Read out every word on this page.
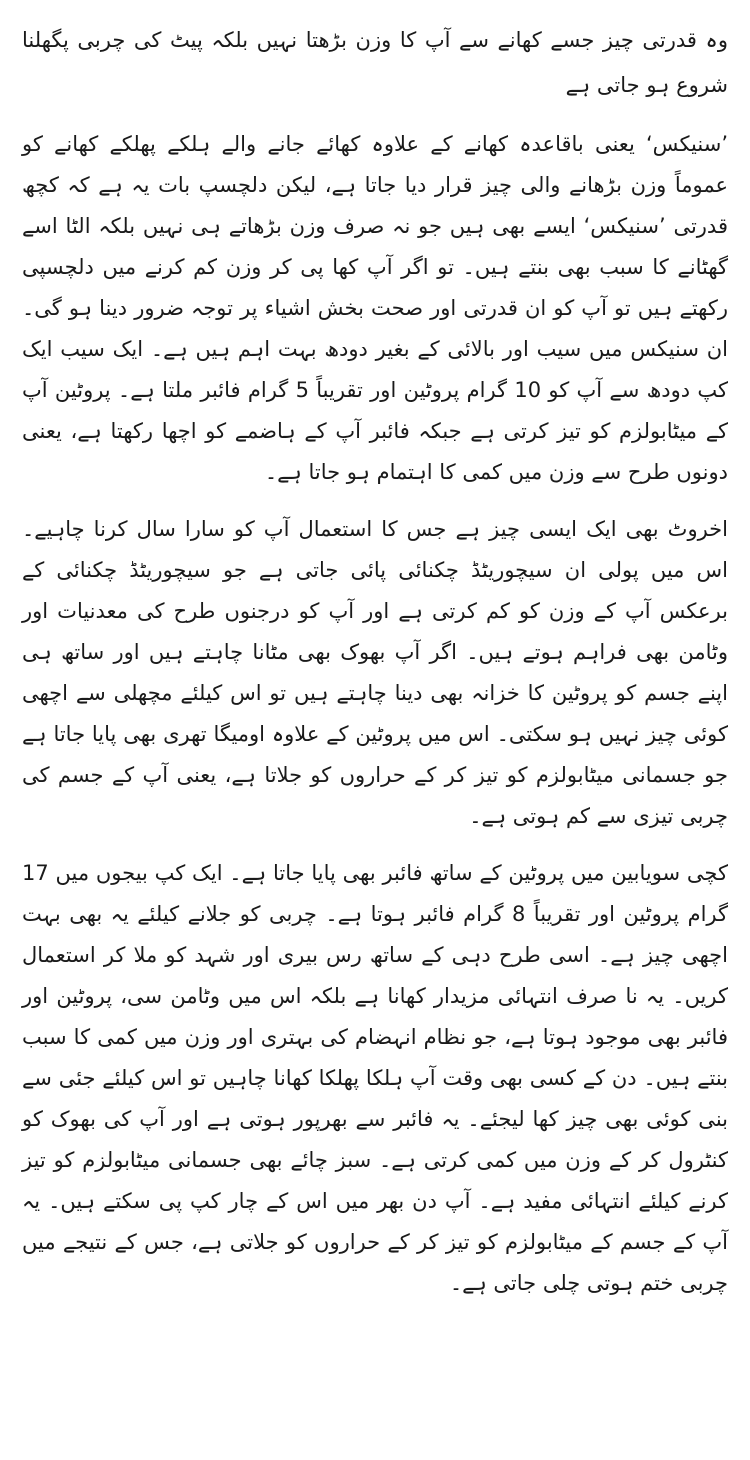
وہ قدرتی چیز جسے کھانے سے آپ کا وزن بڑھتا نہیں بلکہ پیٹ کی چربی پگھلنا شروع ہو جاتی ہے

’سنیکس‘ یعنی باقاعدہ کھانے کے علاوہ کھائے جانے والے ہلکے پھلکے کھانے کو عموماً وزن بڑھانے والی چیز قرار دیا جاتا ہے، لیکن دلچسپ بات یہ ہے کہ کچھ قدرتی ’سنیکس‘ ایسے بھی ہیں جو نہ صرف وزن بڑھاتے ہی نہیں بلکہ الٹا اسے گھٹانے کا سبب بھی بنتے ہیں۔ تو اگر آپ کھا پی کر وزن کم کرنے میں دلچسپی رکھتے ہیں تو آپ کو ان قدرتی اور صحت بخش اشیاء پر توجہ ضرور دینا ہو گی۔ ان سنیکس میں سیب اور بالائی کے بغیر دودھ بہت اہم ہیں ہے۔ ایک سیب ایک کپ دودھ سے آپ کو 10 گرام پروٹین اور تقریباً 5 گرام فائبر ملتا ہے۔ پروٹین آپ کے میٹابولزم کو تیز کرتی ہے جبکہ فائبر آپ کے ہاضمے کو اچھا رکھتا ہے، یعنی دونوں طرح سے وزن میں کمی کا اہتمام ہو جاتا ہے۔

اخروٹ بھی ایک ایسی چیز ہے جس کا استعمال آپ کو سارا سال کرنا چاہیے۔ اس میں پولی ان سیچوریٹڈ چکنائی پائی جاتی ہے جو سیچوریٹڈ چکنائی کے برعکس آپ کے وزن کو کم کرتی ہے اور آپ کو درجنوں طرح کی معدنیات اور وٹامن بھی فراہم ہوتے ہیں۔ اگر آپ بھوک بھی مٹانا چاہتے ہیں اور ساتھ ہی اپنے جسم کو پروٹین کا خزانہ بھی دینا چاہتے ہیں تو اس کیلئے مچھلی سے اچھی کوئی چیز نہیں ہو سکتی۔ اس میں پروٹین کے علاوہ اومیگا تھری بھی پایا جاتا ہے جو جسمانی میٹابولزم کو تیز کر کے حراروں کو جلاتا ہے، یعنی آپ کے جسم کی چربی تیزی سے کم ہوتی ہے۔

کچی سویابین میں پروٹین کے ساتھ فائبر بھی پایا جاتا ہے۔ ایک کپ بیجوں میں 17 گرام پروٹین اور تقریباً 8 گرام فائبر ہوتا ہے۔ چربی کو جلانے کیلئے یہ بھی بہت اچھی چیز ہے۔ اسی طرح دہی کے ساتھ رس بیری اور شہد کو ملا کر استعمال کریں۔ یہ نا صرف انتہائی مزیدار کھانا ہے بلکہ اس میں وٹامن سی، پروٹین اور فائبر بھی موجود ہوتا ہے، جو نظام انہضام کی بہتری اور وزن میں کمی کا سبب بنتے ہیں۔ دن کے کسی بھی وقت آپ ہلکا پھلکا کھانا چاہیں تو اس کیلئے جئی سے بنی کوئی بھی چیز کھا لیجئے۔ یہ فائبر سے بھرپور ہوتی ہے اور آپ کی بھوک کو کنٹرول کر کے وزن میں کمی کرتی ہے۔ سبز چائے بھی جسمانی میٹابولزم کو تیز کرنے کیلئے انتہائی مفید ہے۔ آپ دن بھر میں اس کے چار کپ پی سکتے ہیں۔ یہ آپ کے جسم کے میٹابولزم کو تیز کر کے حراروں کو جلاتی ہے، جس کے نتیجے میں چربی ختم ہوتی چلی جاتی ہے۔
